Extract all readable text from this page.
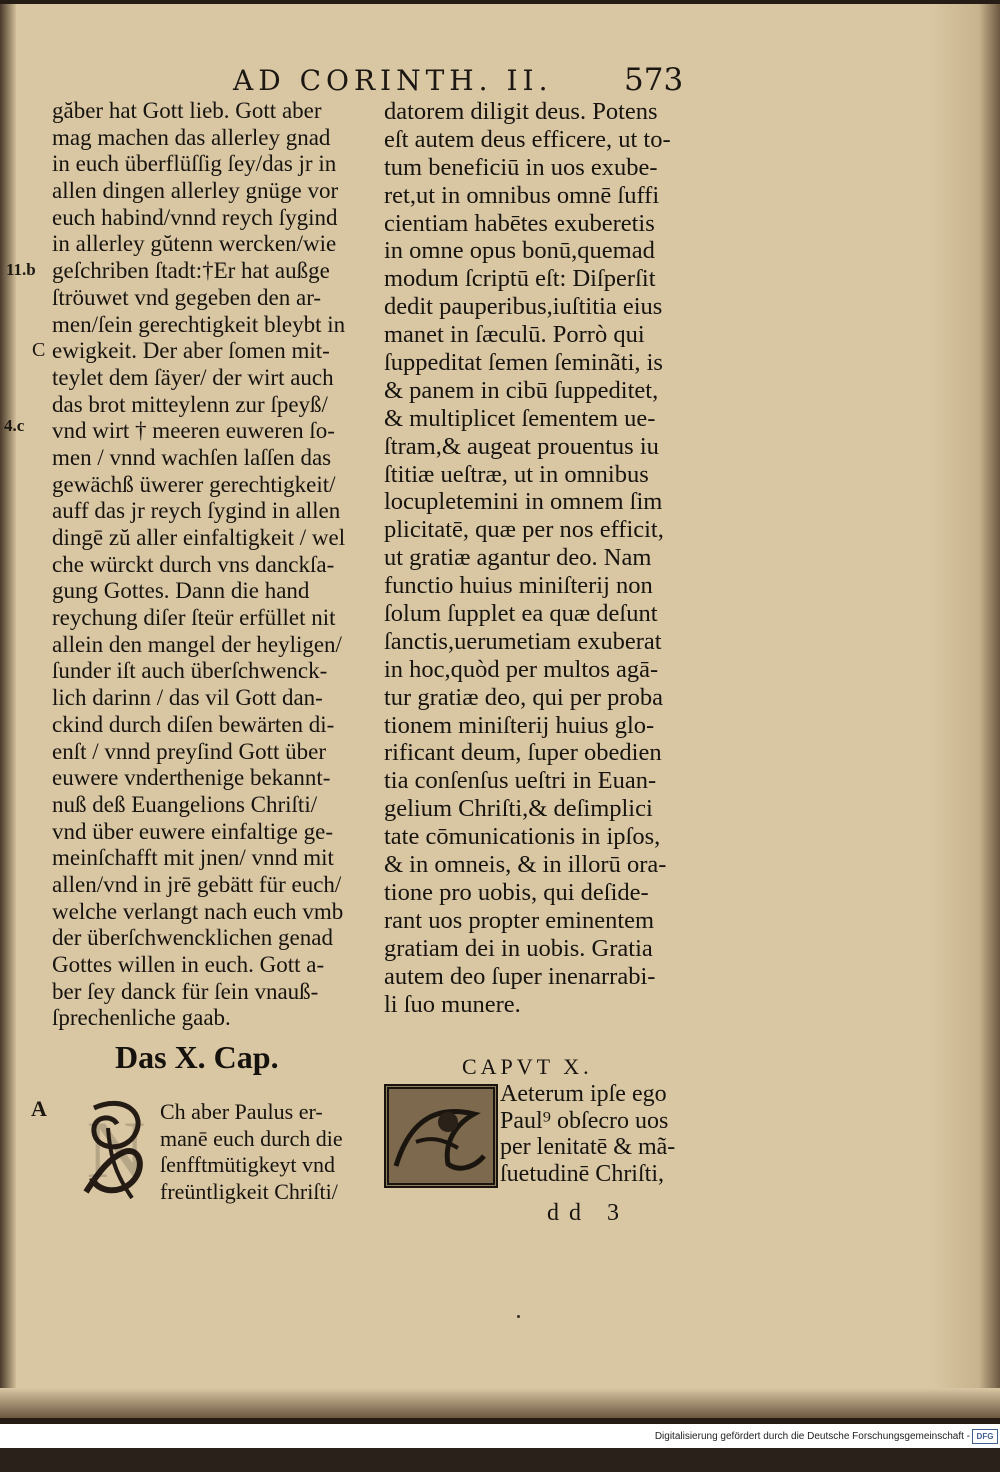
AD CORINTH. II. 573
11.b
C
4.c
A
găber hat Gott lieb. Gott aber
mag machen das allerley gnad
in euch überflüſſig ſey/das jr in
allen dingen allerley gnüge vor
euch habind/vnnd reych ſygind
in allerley gŭtenn wercken/wie
geſchriben ſtadt:†Er hat außge
ſtröuwet vnd gegeben den ar-
men/ſein gerechtigkeit bleybt in
ewigkeit. Der aber ſomen mit-
teylet dem ſäyer/ der wirt auch
das brot mitteylenn zur ſpeyß/
vnd wirt † meeren euweren ſo-
men / vnnd wachſen laſſen das
gewächß üwerer gerechtigkeit/
auff das jr reych ſygind in allen
dingē zŭ aller einfaltigkeit / wel
che würckt durch vns danckſa-
gung Gottes. Dann die hand
reychung diſer ſteür erfüllet nit
allein den mangel der heyligen/
ſunder iſt auch überſchwenck-
lich darinn / das vil Gott dan-
ckind durch diſen bewärten di-
enſt / vnnd preyſind Gott über
euwere vnderthenige bekannt-
nuß deß Euangelions Chriſti/
vnd über euwere einfaltige ge-
meinſchafft mit jnen/ vnnd mit
allen/vnd in jrē gebätt für euch/
welche verlangt nach euch vmb
der überſchwencklichen genad
Gottes willen in euch. Gott a-
ber ſey danck für ſein vnauß-
ſprechenliche gaab.
datorem diligit deus. Potens
eſt autem deus efficere, ut to-
tum beneficiū in uos exube-
ret,ut in omnibus omnē ſuffi
cientiam habētes exuberetis
in omne opus bonū,quemad
modum ſcriptū eſt: Diſperſit
dedit pauperibus,iuſtitia eius
manet in ſæculū. Porrò qui
ſuppeditat ſemen ſeminãti, is
& panem in cibū ſuppeditet,
& multiplicet ſementem ue-
ſtram,& augeat prouentus iu
ſtitiæ ueſtræ, ut in omnibus
locupletemini in omnem ſim
plicitatē, quæ per nos efficit,
ut gratiæ agantur deo. Nam
functio huius miniſterij non
ſolum ſupplet ea quæ deſunt
ſanctis,uerumetiam exuberat
in hoc,quòd per multos agā-
tur gratiæ deo, qui per proba
tionem miniſterij huius glo-
rificant deum, ſuper obedien
tia conſenſus ueſtri in Euan-
gelium Chriſti,& deſimplici
tate cōmunicationis in ipſos,
& in omneis, & in illorū ora-
tione pro uobis, qui deſide-
rant uos propter eminentem
gratiam dei in uobis. Gratia
autem deo ſuper inenarrabi-
li ſuo munere.
Das X. Cap.
N Ch aber Paulus er-
manē euch durch die
ſenfftmütigkeyt vnd
freüntligkeit Chriſti/
CAPVT X.
Aeterum ipſe ego
Paul⁹ obſecro uos
per lenitatē & mã-
ſuetudinē Chriſti,
dd 3
Digitalisierung gefördert durch die Deutsche Forschungsgemeinschaft - DFG
